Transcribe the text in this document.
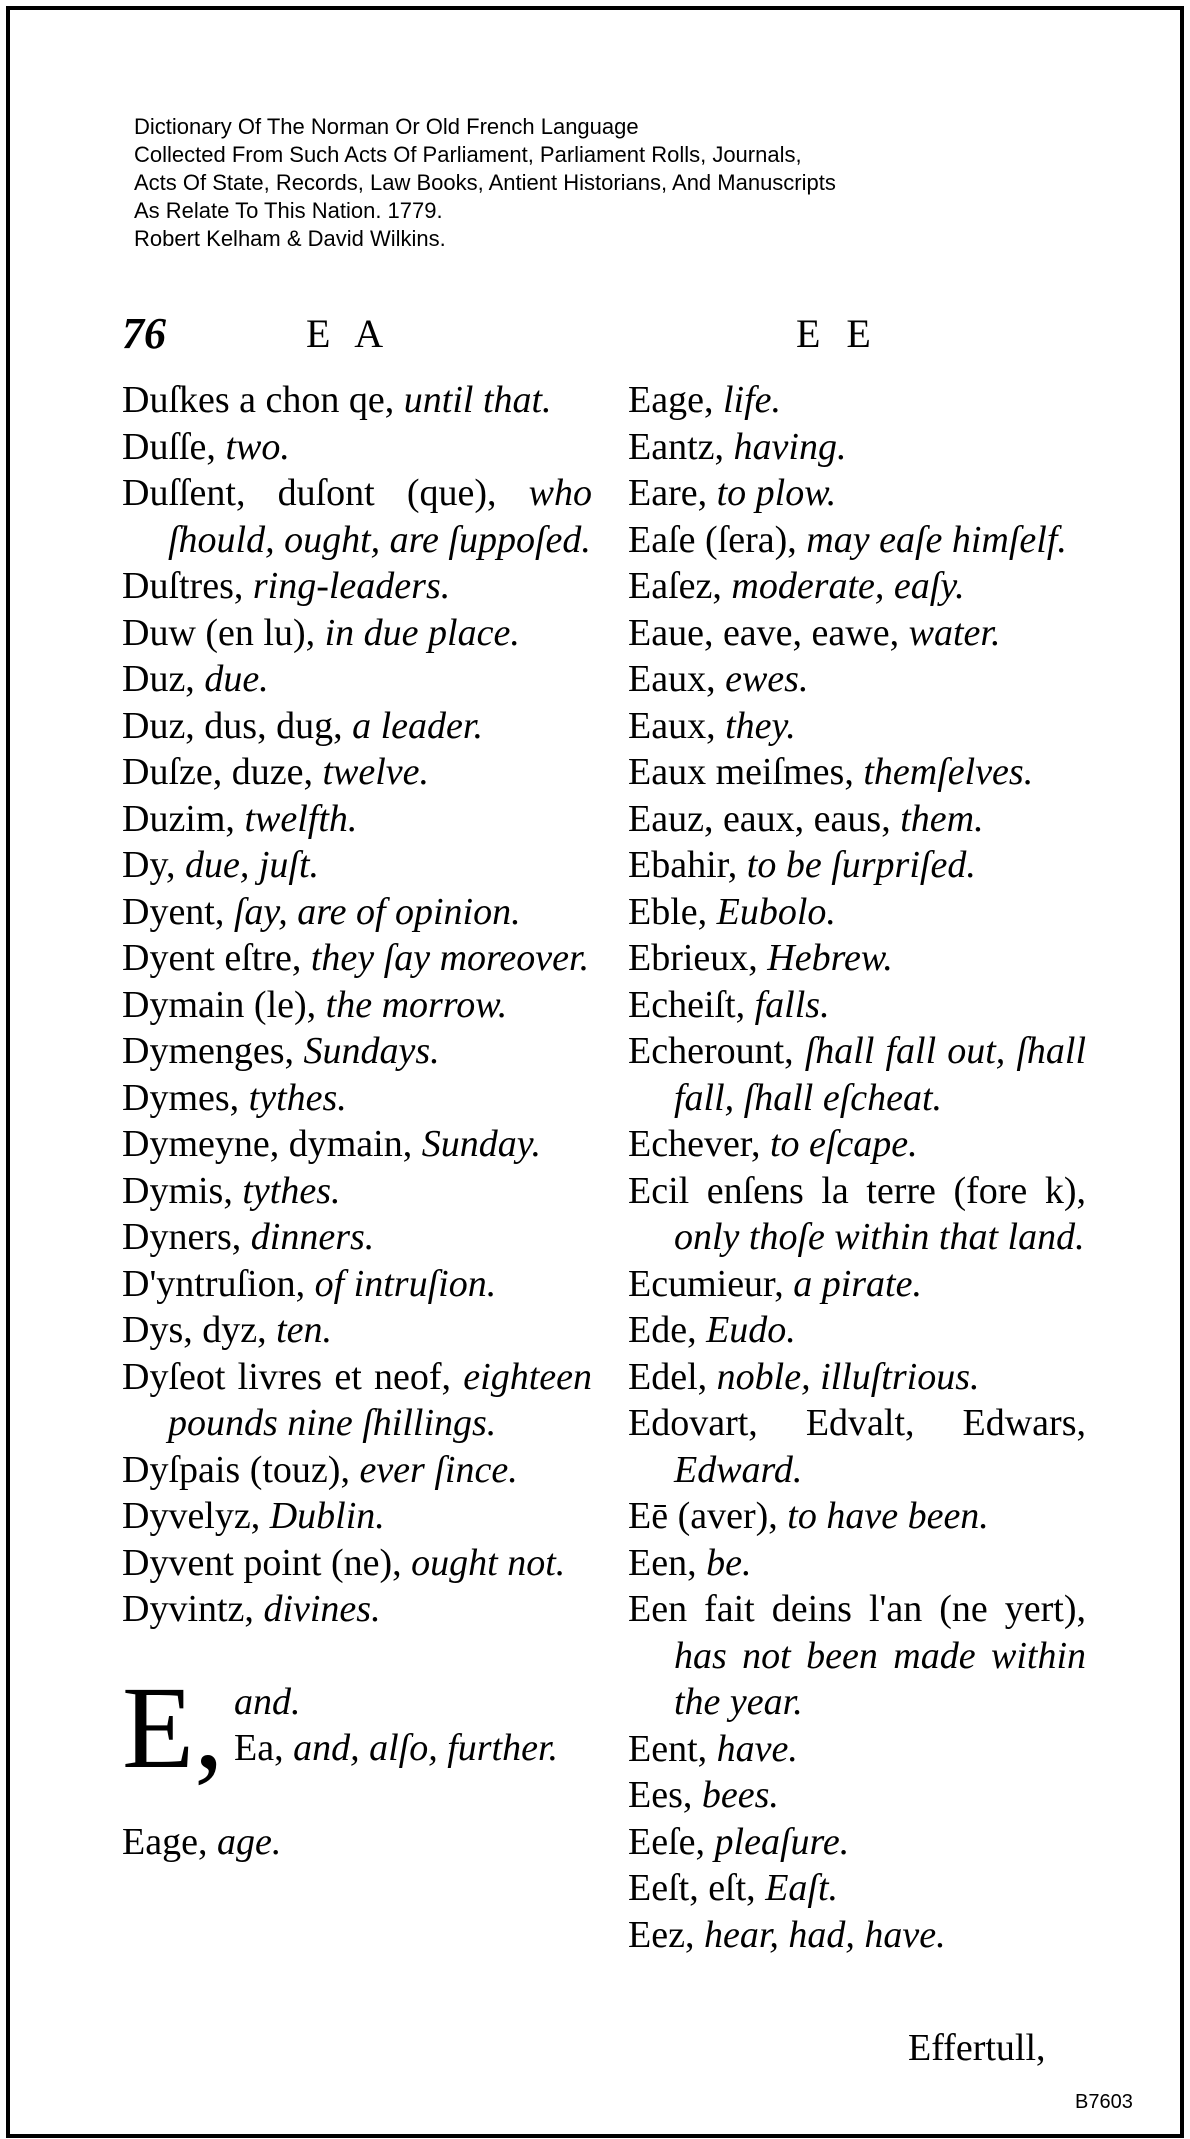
Dictionary Of The Norman Or Old French Language
Collected From Such Acts Of Parliament, Parliament Rolls, Journals,
Acts Of State, Records, Law Books, Antient Historians, And Manuscripts
As Relate To This Nation. 1779.
Robert Kelham & David Wilkins.
76	E A	E E
Duſkes a chon qe, until that.
Duſſe, two.
Duſſent, duſont (que), who ſhould, ought, are ſuppoſed.
Duſtres, ring-leaders.
Duw (en lu), in due place.
Duz, due.
Duz, dus, dug, a leader.
Duſze, duze, twelve.
Duzim, twelfth.
Dy, due, juſt.
Dyent, ſay, are of opinion.
Dyent eſtre, they ſay moreover.
Dymain (le), the morrow.
Dymenges, Sundays.
Dymes, tythes.
Dymeyne, dymain, Sunday.
Dymis, tythes.
Dyners, dinners.
D'yntruſion, of intruſion.
Dys, dyz, ten.
Dyſeot livres et neof, eighteen pounds nine ſhillings.
Dyſpais (touz), ever ſince.
Dyvelyz, Dublin.
Dyvent point (ne), ought not.
Dyvintz, divines.
E, and.
Ea, and, alſo, further.
Eage, age.
Eage, life.
Eantz, having.
Eare, to plow.
Eaſe (ſera), may eaſe himſelf.
Eaſez, moderate, eaſy.
Eaue, eave, eawe, water.
Eaux, ewes.
Eaux, they.
Eaux meiſmes, themſelves.
Eauz, eaux, eaus, them.
Ebahir, to be ſurpriſed.
Eble, Eubolo.
Ebrieux, Hebrew.
Echeiſt, falls.
Echerount, ſhall fall out, ſhall fall, ſhall eſcheat.
Echever, to eſcape.
Ecil enſens la terre (fore k), only thoſe within that land.
Ecumieur, a pirate.
Ede, Eudo.
Edel, noble, illuſtrious.
Edovart, Edvalt, Edwars, Edward.
Eē (aver), to have been.
Een, be.
Een fait deins l'an (ne yert), has not been made within the year.
Eent, have.
Ees, bees.
Eeſe, pleaſure.
Eeſt, eſt, Eaſt.
Eez, hear, had, have.
Effertull,
B7603
